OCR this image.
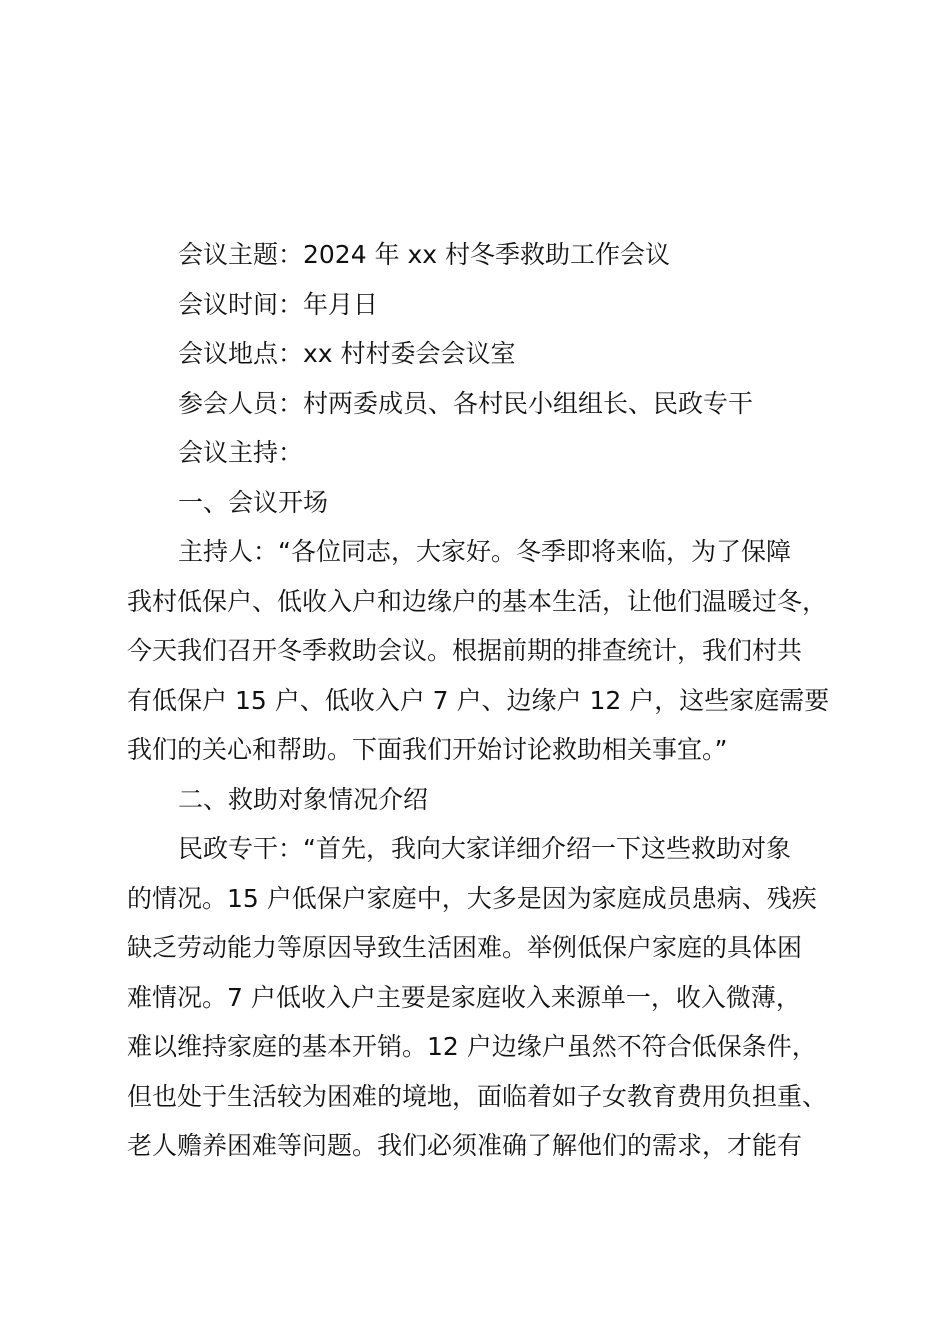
会议主题：2024 年 xx 村冬季救助工作会议
会议时间：年月日
会议地点：xx 村村委会会议室
参会人员：村两委成员、各村民小组组长、民政专干
会议主持：
一、会议开场
主持人：“各位同志，大家好。冬季即将来临，为了保障
我村低保户、低收入户和边缘户的基本生活，让他们温暖过冬，
今天我们召开冬季救助会议。根据前期的排查统计，我们村共
有低保户 15 户、低收入户 7 户、边缘户 12 户，这些家庭需要
我们的关心和帮助。下面我们开始讨论救助相关事宜。”
二、救助对象情况介绍
民政专干：“首先，我向大家详细介绍一下这些救助对象
的情况。15 户低保户家庭中，大多是因为家庭成员患病、残疾
缺乏劳动能力等原因导致生活困难。举例低保户家庭的具体困
难情况。7 户低收入户主要是家庭收入来源单一，收入微薄，
难以维持家庭的基本开销。12 户边缘户虽然不符合低保条件，
但也处于生活较为困难的境地，面临着如子女教育费用负担重、
老人赡养困难等问题。我们必须准确了解他们的需求，才能有
